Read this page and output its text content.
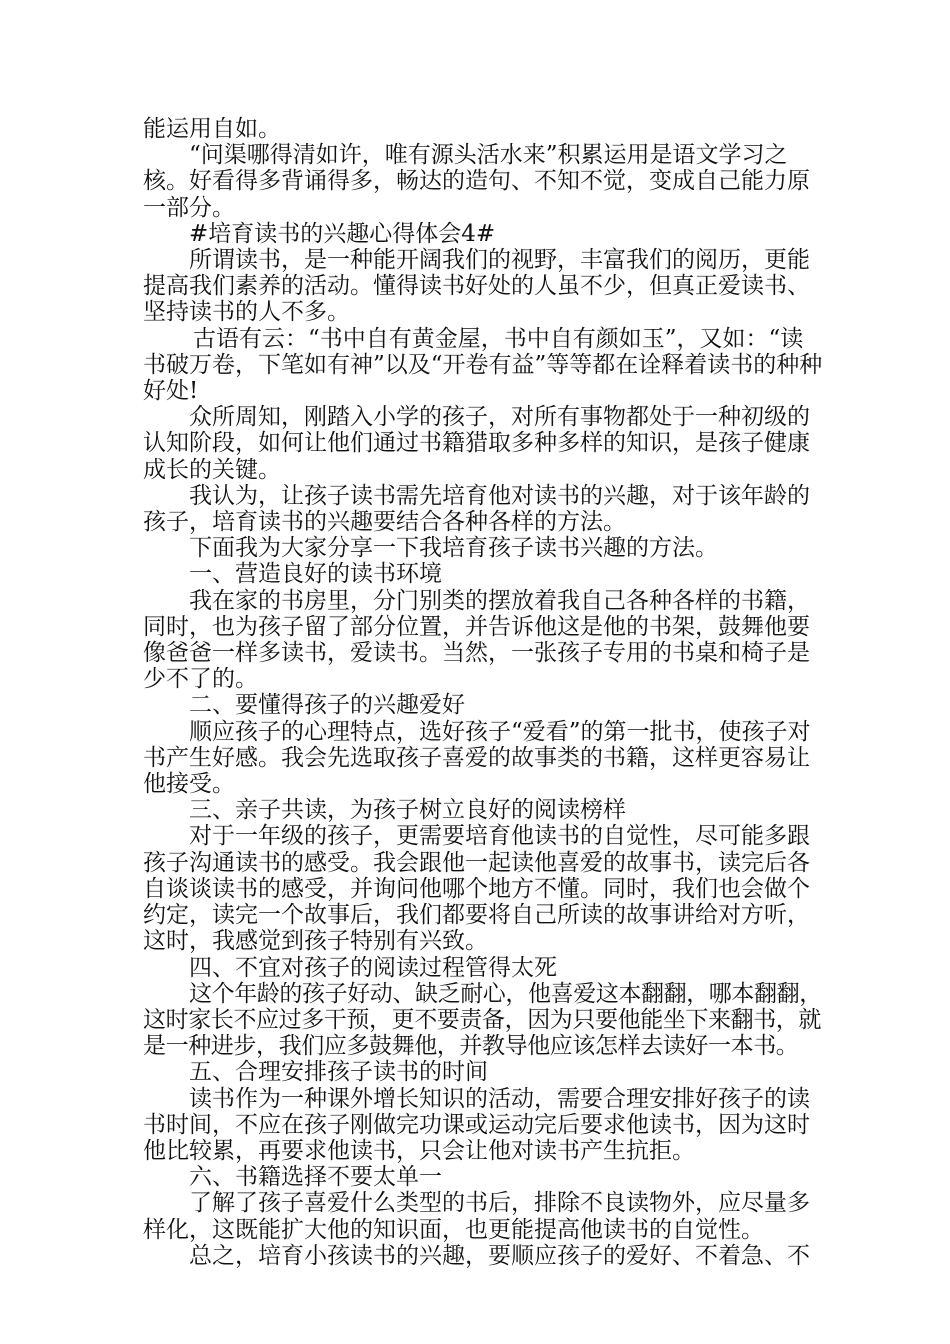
能运用自如。

“问渠哪得清如许，唯有源头活水来”积累运用是语文学习之核。好看得多背诵得多，畅达的造句、不知不觉，变成自己能力原一部分。

#培育读书的兴趣心得体会4#

所谓读书，是一种能开阔我们的视野，丰富我们的阅历，更能提高我们素养的活动。懂得读书好处的人虽不少，但真正爱读书、坚持读书的人不多。

古语有云：“书中自有黄金屋，书中自有颜如玉”，又如：“读书破万卷，下笔如有神”以及“开卷有益”等等都在诠释着读书的种种好处!

众所周知，刚踏入小学的孩子，对所有事物都处于一种初级的认知阶段，如何让他们通过书籍猎取多种多样的知识，是孩子健康成长的关键。

我认为，让孩子读书需先培育他对读书的兴趣，对于该年龄的孩子，培育读书的兴趣要结合各种各样的方法。

下面我为大家分享一下我培育孩子读书兴趣的方法。

一、营造良好的读书环境

我在家的书房里，分门别类的摆放着我自己各种各样的书籍，同时，也为孩子留了部分位置，并告诉他这是他的书架，鼓舞他要像爸爸一样多读书，爱读书。当然，一张孩子专用的书桌和椅子是少不了的。

二、要懂得孩子的兴趣爱好

顺应孩子的心理特点，选好孩子“爱看”的第一批书，使孩子对书产生好感。我会先选取孩子喜爱的故事类的书籍，这样更容易让他接受。

三、亲子共读，为孩子树立良好的阅读榜样

对于一年级的孩子，更需要培育他读书的自觉性，尽可能多跟孩子沟通读书的感受。我会跟他一起读他喜爱的故事书，读完后各自谈谈读书的感受，并询问他哪个地方不懂。同时，我们也会做个约定，读完一个故事后，我们都要将自己所读的故事讲给对方听，这时，我感觉到孩子特别有兴致。

四、不宜对孩子的阅读过程管得太死

这个年龄的孩子好动、缺乏耐心，他喜爱这本翻翻，哪本翻翻，这时家长不应过多干预，更不要责备，因为只要他能坐下来翻书，就是一种进步，我们应多鼓舞他，并教导他应该怎样去读好一本书。

五、合理安排孩子读书的时间

读书作为一种课外增长知识的活动，需要合理安排好孩子的读书时间，不应在孩子刚做完功课或运动完后要求他读书，因为这时他比较累，再要求他读书，只会让他对读书产生抗拒。

六、书籍选择不要太单一

了解了孩子喜爱什么类型的书后，排除不良读物外，应尽量多样化，这既能扩大他的知识面，也更能提高他读书的自觉性。

总之，培育小孩读书的兴趣，要顺应孩子的爱好、不着急、不
